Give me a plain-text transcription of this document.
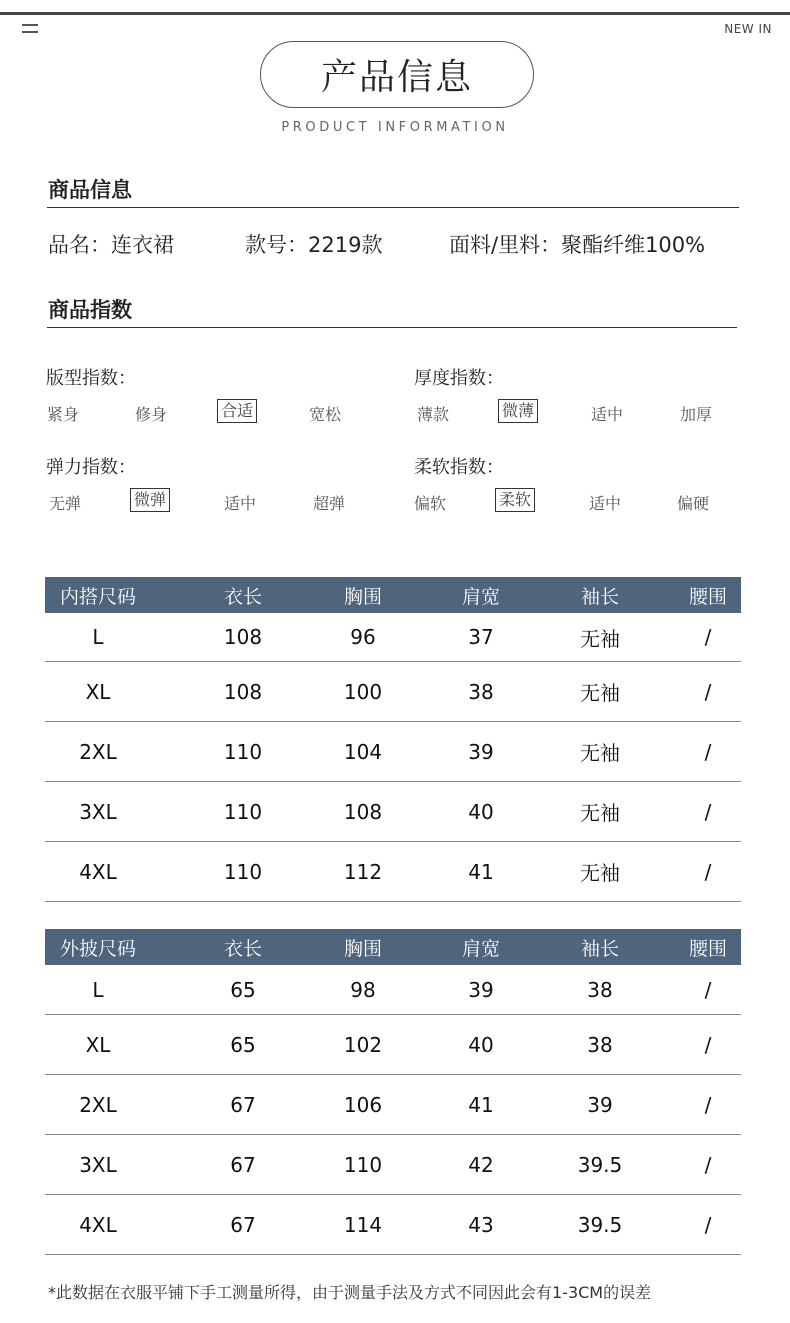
NEW IN
产品信息
PRODUCT INFORMATION
商品信息
品名：连衣裙	款号：2219款	面料/里料：聚酯纤维100%
商品指数
版型指数：
紧身	修身	合适	宽松
厚度指数：
薄款	微薄	适中	加厚
弹力指数：
无弹	微弹	适中	超弹
柔软指数：
偏软	柔软	适中	偏硬
内搭尺码	衣长	胸围	肩宽	袖长	腰围
L	108	96	37	无袖	/
XL	108	100	38	无袖	/
2XL	110	104	39	无袖	/
3XL	110	108	40	无袖	/
4XL	110	112	41	无袖	/
外披尺码	衣长	胸围	肩宽	袖长	腰围
L	65	98	39	38	/
XL	65	102	40	38	/
2XL	67	106	41	39	/
3XL	67	110	42	39.5	/
4XL	67	114	43	39.5	/
*此数据在衣服平铺下手工测量所得，由于测量手法及方式不同因此会有1-3CM的误差
